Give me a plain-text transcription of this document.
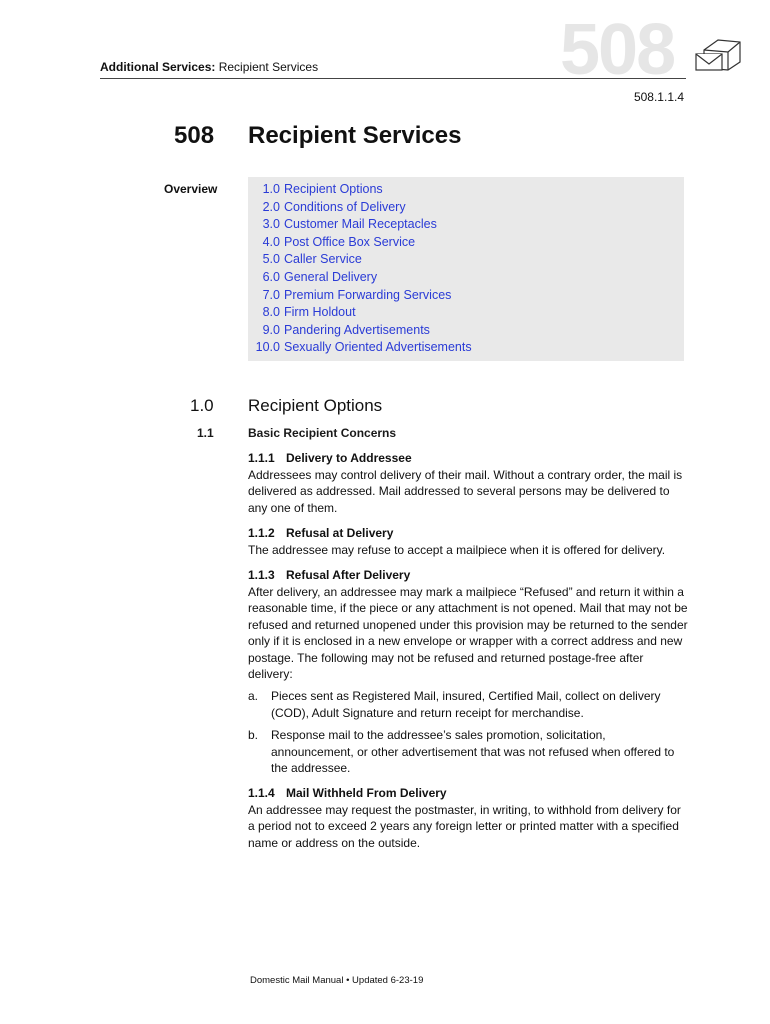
508
Additional Services: Recipient Services
508.1.1.4
508 Recipient Services
Overview	1.0 Recipient Options
2.0 Conditions of Delivery
3.0 Customer Mail Receptacles
4.0 Post Office Box Service
5.0 Caller Service
6.0 General Delivery
7.0 Premium Forwarding Services
8.0 Firm Holdout
9.0 Pandering Advertisements
10.0 Sexually Oriented Advertisements
1.0 Recipient Options
1.1	Basic Recipient Concerns
1.1.1 Delivery to Addressee

Addressees may control delivery of their mail. Without a contrary order, the mail is delivered as addressed. Mail addressed to several persons may be delivered to any one of them.

1.1.2 Refusal at Delivery

The addressee may refuse to accept a mailpiece when it is offered for delivery.

1.1.3 Refusal After Delivery

After delivery, an addressee may mark a mailpiece “Refused” and return it within a reasonable time, if the piece or any attachment is not opened. Mail that may not be refused and returned unopened under this provision may be returned to the sender only if it is enclosed in a new envelope or wrapper with a correct address and new postage. The following may not be refused and returned postage-free after delivery:

a. Pieces sent as Registered Mail, insured, Certified Mail, collect on delivery (COD), Adult Signature and return receipt for merchandise.
b. Response mail to the addressee’s sales promotion, solicitation, announcement, or other advertisement that was not refused when offered to the addressee.
1.1.4 Mail Withheld From Delivery

An addressee may request the postmaster, in writing, to withhold from delivery for a period not to exceed 2 years any foreign letter or printed matter with a specified name or address on the outside.

Domestic Mail Manual • Updated 6-23-19
